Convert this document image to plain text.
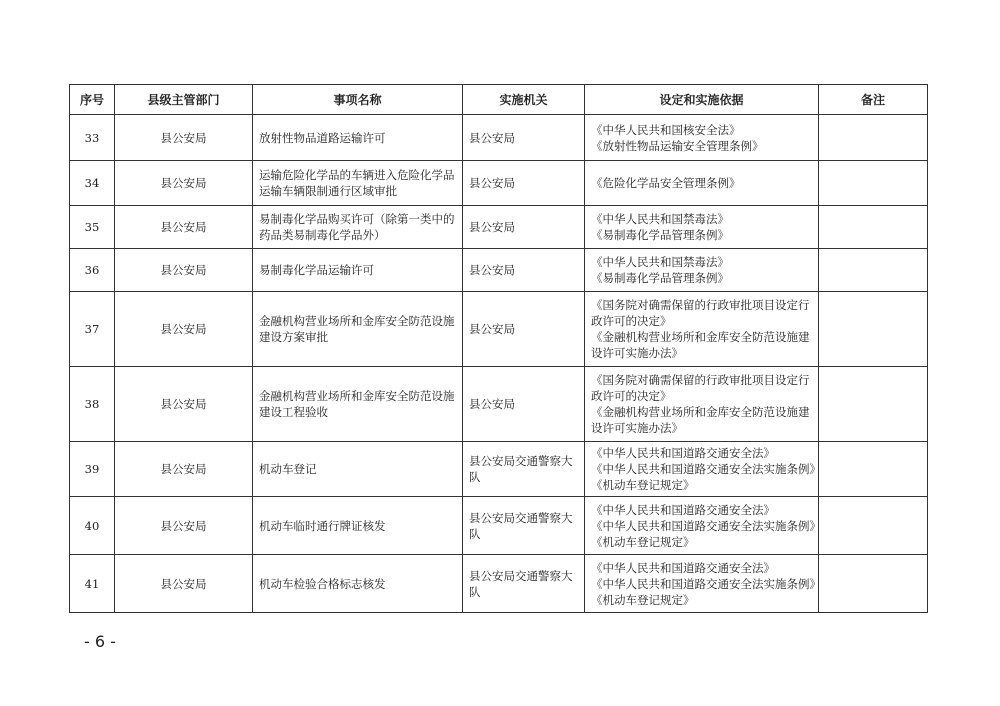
序号	县级主管部门	事项名称	实施机关	设定和实施依据	备注
33	县公安局	放射性物品道路运输许可	县公安局	《中华人民共和国核安全法》
《放射性物品运输安全管理条例》	

34	县公安局	运输危险化学品的车辆进入危险化学品运输车辆限制通行区域审批	县公安局	《危险化学品安全管理条例》	

35	县公安局	易制毒化学品购买许可（除第一类中的药品类易制毒化学品外）	县公安局	《中华人民共和国禁毒法》
《易制毒化学品管理条例》	

36	县公安局	易制毒化学品运输许可	县公安局	《中华人民共和国禁毒法》
《易制毒化学品管理条例》	

37	县公安局	金融机构营业场所和金库安全防范设施建设方案审批	县公安局	《国务院对确需保留的行政审批项目设定行政许可的决定》
《金融机构营业场所和金库安全防范设施建设许可实施办法》	

38	县公安局	金融机构营业场所和金库安全防范设施建设工程验收	县公安局	《国务院对确需保留的行政审批项目设定行政许可的决定》
《金融机构营业场所和金库安全防范设施建设许可实施办法》	

39	县公安局	机动车登记	县公安局交通警察大队	《中华人民共和国道路交通安全法》
《中华人民共和国道路交通安全法实施条例》
《机动车登记规定》	

40	县公安局	机动车临时通行牌证核发	县公安局交通警察大队	《中华人民共和国道路交通安全法》
《中华人民共和国道路交通安全法实施条例》
《机动车登记规定》	

41	县公安局	机动车检验合格标志核发	县公安局交通警察大队	《中华人民共和国道路交通安全法》
《中华人民共和国道路交通安全法实施条例》
《机动车登记规定》	

- 6 -
